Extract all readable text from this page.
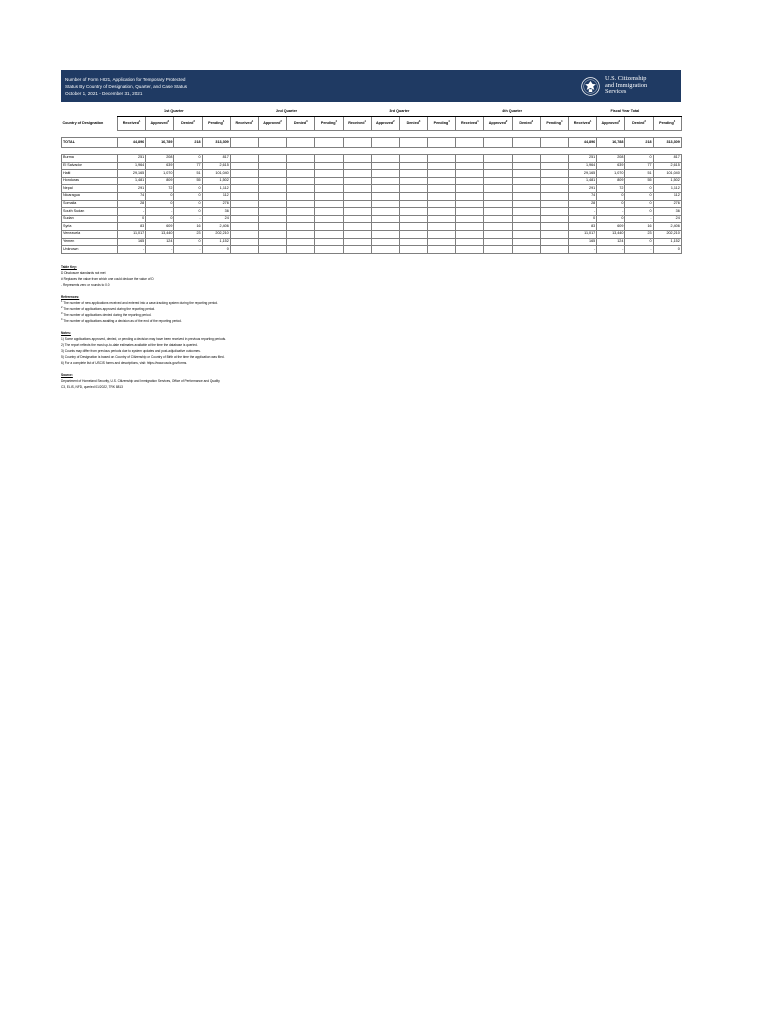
Number of Form I-821, Application for Temporary Protected
Status By Country of Designation, Quarter, and Case Status
October 1, 2021 - December 31, 2021
U.S. Citizenship
and Immigration
Services

	1st Quarter				2nd Quarter				3rd Quarter				4th Quarter				Fiscal Year Total			
Country of Designation	Received$^1$	Approved$^2$	Denied$^3$	Pending$^4$	Received$^1$	Approved$^2$	Denied$^3$	Pending$^4$	Received$^1$	Approved$^2$	Denied$^3$	Pending$^4$	Received$^1$	Approved$^2$	Denied$^3$	Pending$^4$	Received$^1$	Approved$^2$	Denied$^3$	Pending$^4$

TOTAL	44,896	16,789	218	313,309													44,896	16,788	218	313,309

Burma	251	208	0	817													251	208	0	817
El Salvador	1,964	639	77	2,615													1,964	639	77	2,615
Haiti	29,165	1,070	51	101,040													29,165	1,070	51	101,040
Honduras	1,481	809	55	1,502													1,481	809	55	1,502
Nepal	291	72	0	1,112													291	72	0	1,112
Nicaragua	74	0	0	112													74	0	0	112
Somalia	28	0	0	276													28	0	0	276
South Sudan	-	-	0	36													-	-	0	36
Sudan	0	0	-	24													0	0	-	24
Syria	83	609	16	2,406													83	609	16	2,406
Venezuela	11,017	13,440	23	202,210													11,017	13,440	23	202,210
Yemen	165	124	0	1,152													165	124	0	1,152
Unknown	-	-	-	0													-	-	-	0
Table Key:
D Disclosure standards not met
# Replaces the value from which one could deduce the value of D
- Represents zero or rounds to 0.0
References:
$^1$ The number of new applications received and entered into a case-tracking system during the reporting period.
$^2$ The number of applications approved during the reporting period.
$^3$ The number of applications denied during the reporting period.
$^4$ The number of applications awaiting a decision as of the end of the reporting period.
Notes:
1) Some applications approved, denied, or pending a decision may have been received in previous reporting periods.
2) The report reflects the most up-to-date estimates available at the time the database is queried.
3) Counts may differ from previous periods due to system updates and post-adjudicative outcomes.
5) Country of Designation is based on Country of Citizenship or Country of Birth at the time the application was filed.
6) For a complete list of USCIS forms and descriptions, visit: https://www.uscis.gov/forms.
Source:
Department of Homeland Security, U.S. Citizenship and Immigration Services, Office of Performance and Quality
C3, ELIS, NFD, queried 01/2022, TRK 8813
